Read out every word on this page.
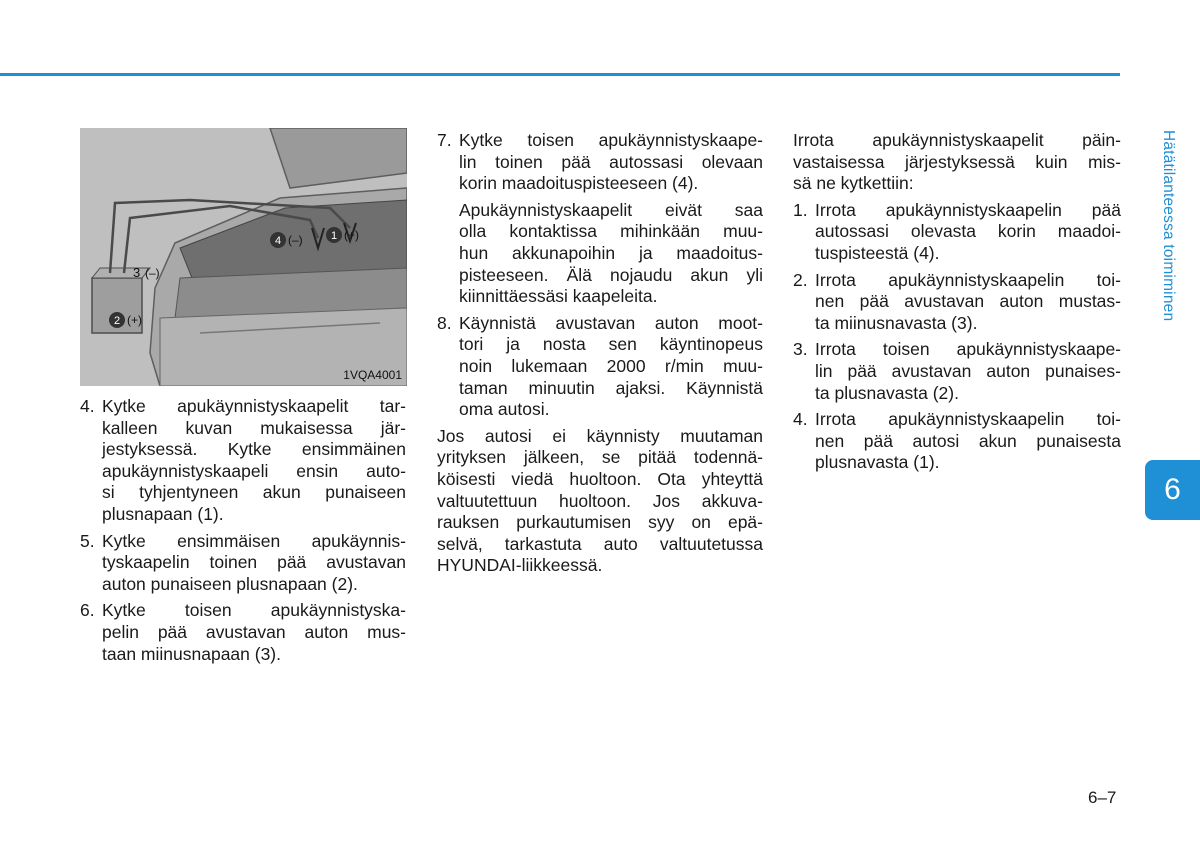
1 (+)
4 (–)
3 (–)
2 (+)
1VQA4001
4. Kytke apukäynnistyskaapelit tar-
kalleen kuvan mukaisessa jär-
jestyksessä. Kytke ensimmäinen
apukäynnistyskaapeli ensin auto-
si tyhjentyneen akun punaiseen
plusnapaan (1).
5. Kytke ensimmäisen apukäynnis-
tyskaapelin toinen pää avustavan
auton punaiseen plusnapaan (2).
6. Kytke toisen apukäynnistyska-
pelin pää avustavan auton mus-
taan miinusnapaan (3).
7. Kytke toisen apukäynnistyskaape-
lin toinen pää autossasi olevaan
korin maadoituspisteeseen (4).
Apukäynnistyskaapelit eivät saa
olla kontaktissa mihinkään muu-
hun akkunapoihin ja maadoitus-
pisteeseen. Älä nojaudu akun yli
kiinnittäessäsi kaapeleita.
8. Käynnistä avustavan auton moot-
tori ja nosta sen käyntinopeus
noin lukemaan 2000 r/min muu-
taman minuutin ajaksi. Käynnistä
oma autosi.
Jos autosi ei käynnisty muutaman
yrityksen jälkeen, se pitää todennä-
köisesti viedä huoltoon. Ota yhteyttä
valtuutettuun huoltoon. Jos akkuva-
rauksen purkautumisen syy on epä-
selvä, tarkastuta auto valtuutetussa
HYUNDAI-liikkeessä.
Irrota apukäynnistyskaapelit päin-
vastaisessa järjestyksessä kuin mis-
sä ne kytkettiin:
1. Irrota apukäynnistyskaapelin pää
autossasi olevasta korin maadoi-
tuspisteestä (4).
2. Irrota apukäynnistyskaapelin toi-
nen pää avustavan auton mustas-
ta miinusnavasta (3).
3. Irrota toisen apukäynnistyskaape-
lin pää avustavan auton punaises-
ta plusnavasta (2).
4. Irrota apukäynnistyskaapelin toi-
nen pää autosi akun punaisesta
plusnavasta (1).
Hätätilanteessa toimiminen
6
6–7
